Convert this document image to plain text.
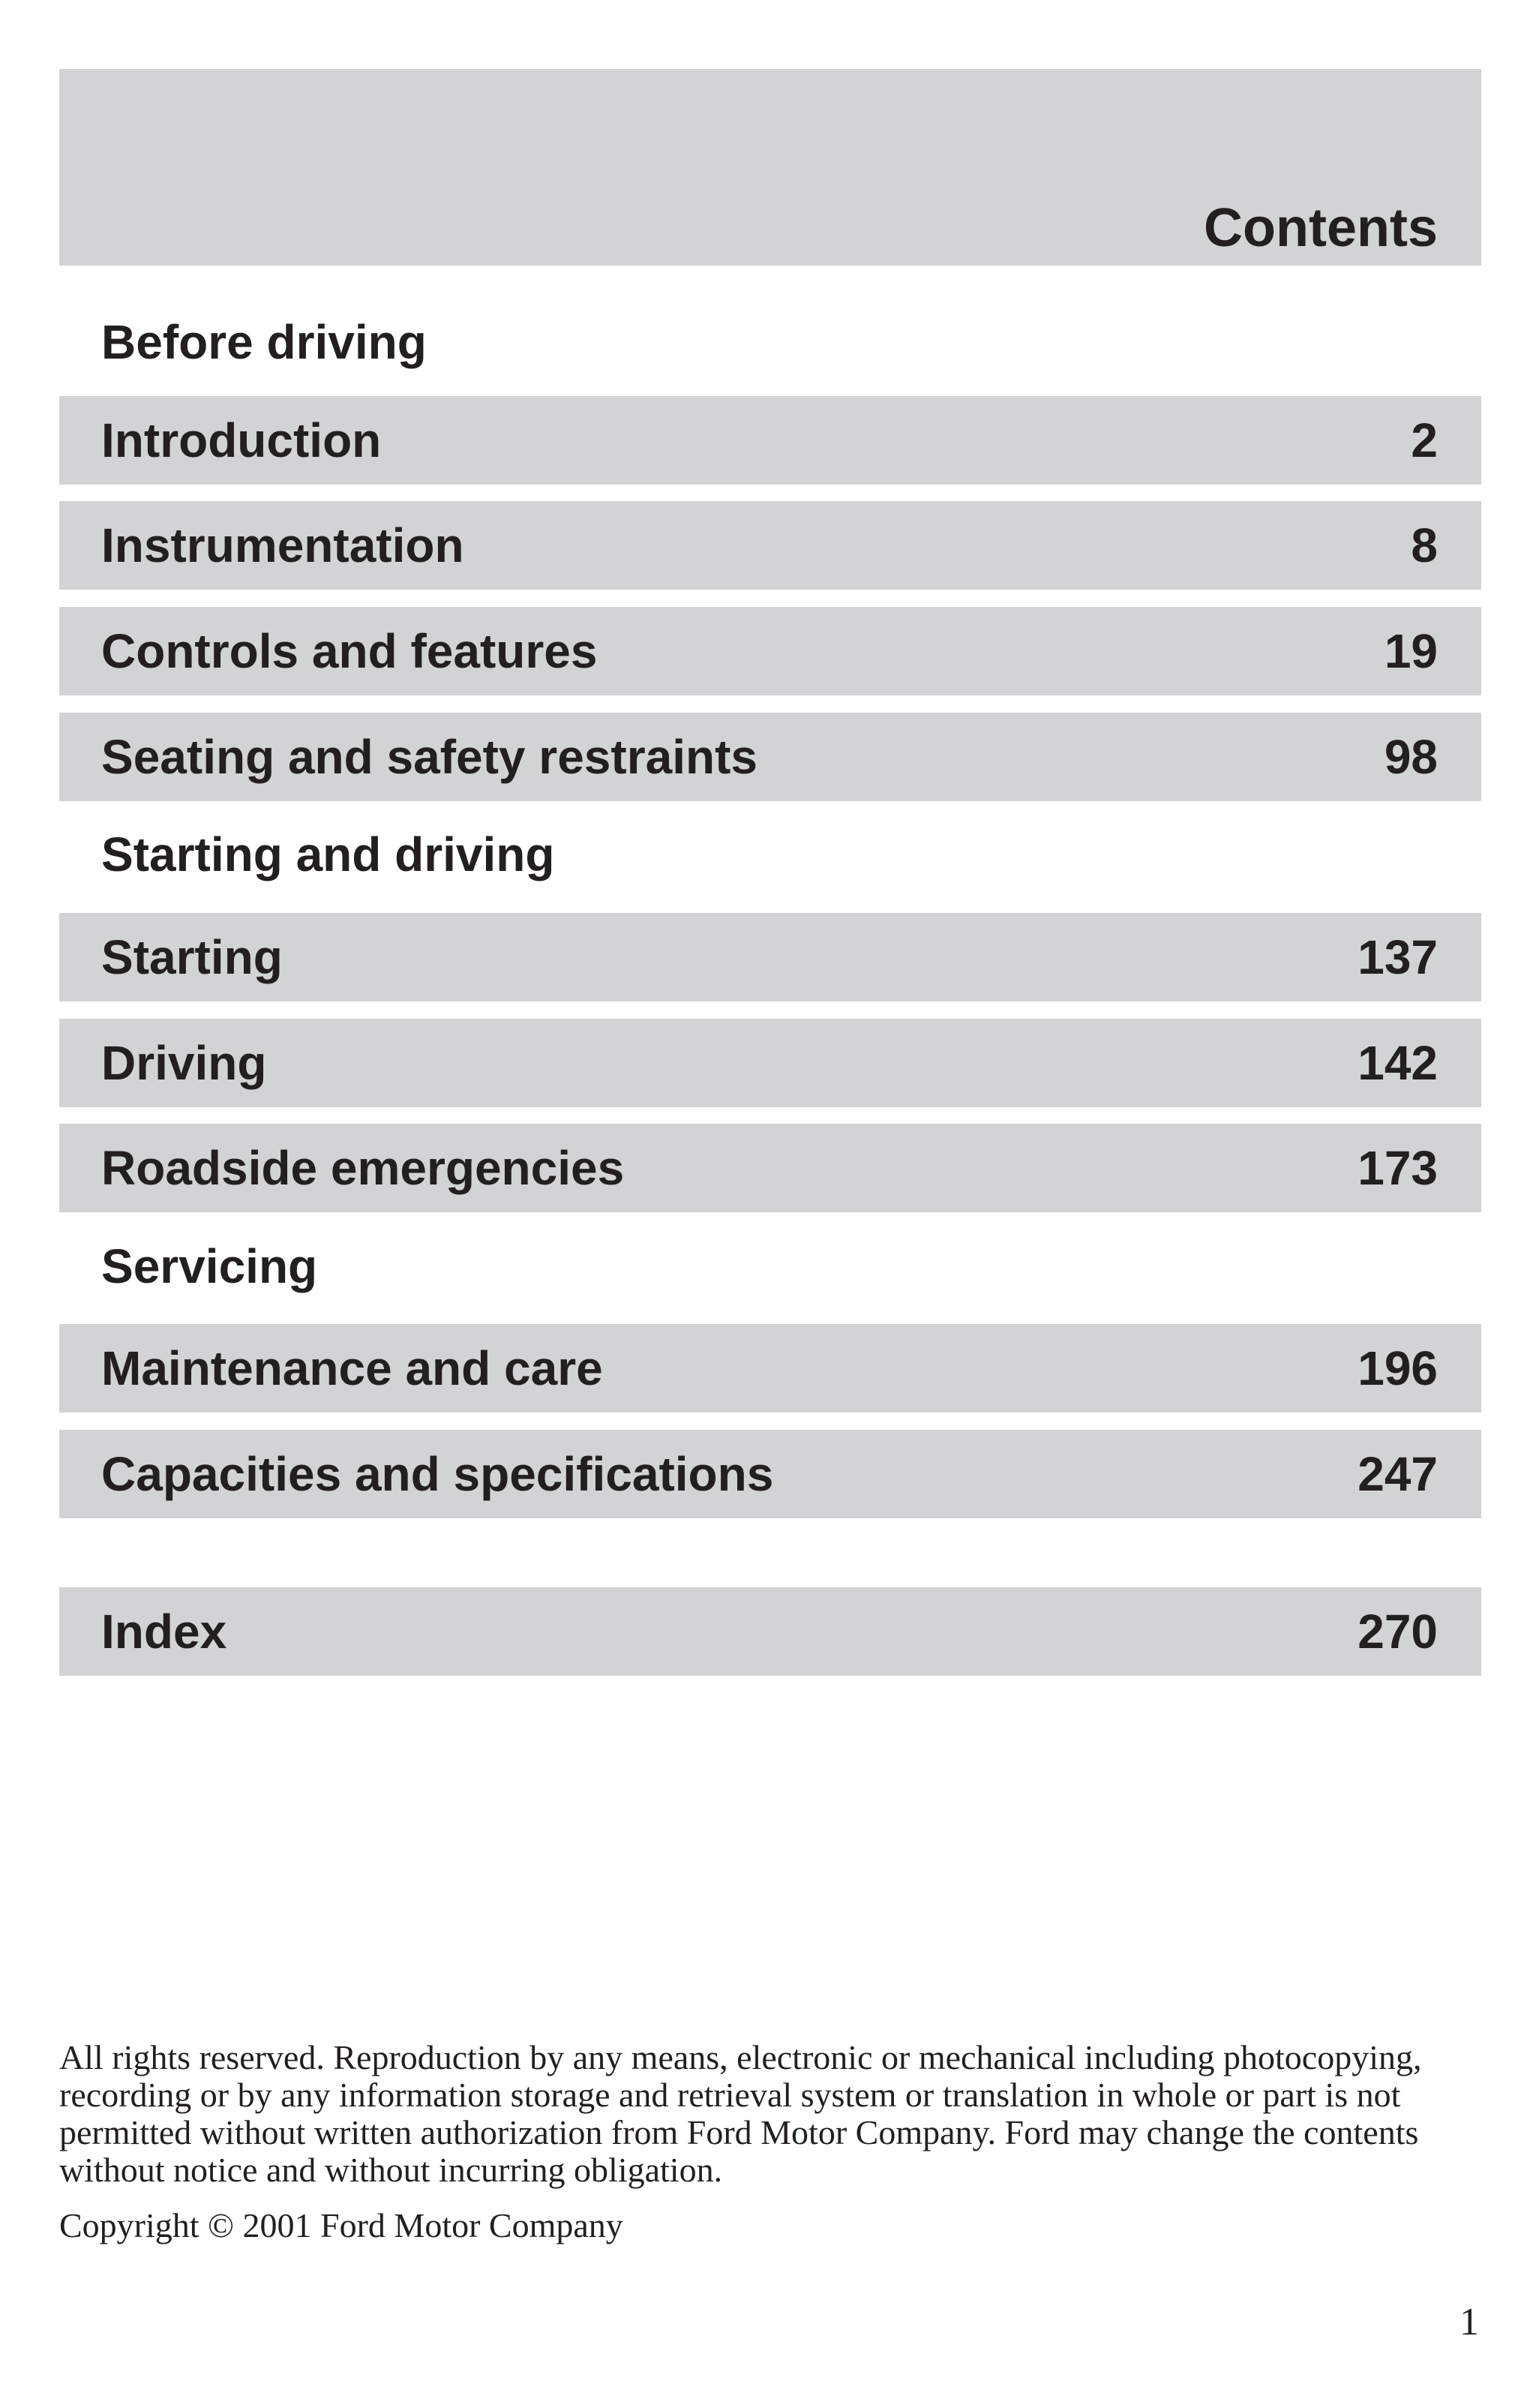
Contents
Before driving
Introduction	2
Instrumentation	8
Controls and features	19
Seating and safety restraints	98
Starting and driving
Starting	137
Driving	142
Roadside emergencies	173
Servicing
Maintenance and care	196
Capacities and specifications	247
Index	270

All rights reserved. Reproduction by any means, electronic or mechanical including photocopying, recording or by any information storage and retrieval system or translation in whole or part is not permitted without written authorization from Ford Motor Company. Ford may change the contents without notice and without incurring obligation.

Copyright © 2001 Ford Motor Company

1
